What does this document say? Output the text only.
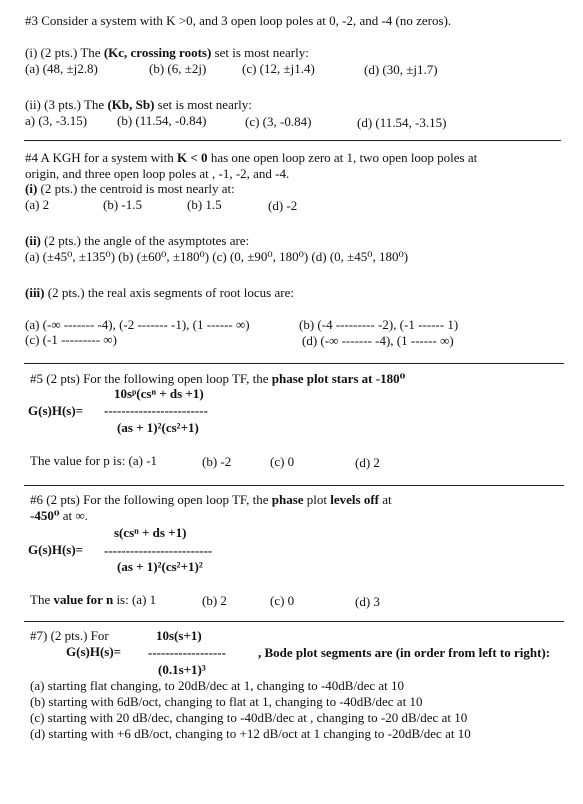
#3 Consider a system with K >0, and 3 open loop poles at 0, -2, and -4 (no zeros).
(i) (2 pts.) The (Kc, crossing roots) set is most nearly:
(a) (48, ±j2.8)	(b) (6, ±2j)	(c) (12, ±j1.4)	(d) (30, ±j1.7)
(ii) (3 pts.) The (Kb, Sb) set is most nearly:
a) (3, -3.15) (b) (11.54, -0.84)	(c) (3, -0.84)	(d) (11.54, -3.15)
#4 A KGH for a system with K < 0 has one open loop zero at 1, two open loop poles at
origin, and three open loop poles at , -1, -2, and -4.
(i) (2 pts.) the centroid is most nearly at:
(a) 2	(b) -1.5	(b) 1.5	(d) -2
(ii) (2 pts.) the angle of the asymptotes are:
(a) (±45⁰, ±135⁰) (b) (±60⁰, ±180⁰) (c) (0, ±90⁰, 180⁰) (d) (0, ±45⁰, 180⁰)
(iii) (2 pts.) the real axis segments of root locus are:
(a) (-∞ ------- -4), (-2 ------- -1), (1 ------ ∞)	(b) (-4 --------- -2), (-1 ------ 1)
(c) (-1 --------- ∞)	(d) (-∞ ------- -4), (1 ------ ∞)
#5 (2 pts) For the following open loop TF, the phase plot stars at -180⁰
10sᵖ(csⁿ + ds +1)
G(s)H(s)= ------------------------
(as + 1)²(cs²+1)
The value for p is: (a) -1	(b) -2	(c) 0	(d) 2
#6 (2 pts) For the following open loop TF, the phase plot levels off at
-450⁰ at ∞.
s(csⁿ + ds +1)
G(s)H(s)= -------------------------
(as + 1)²(cs²+1)²
The value for n is: (a) 1	(b) 2	(c) 0	(d) 3
#7) (2 pts.) For	10s(s+1)
G(s)H(s)= ------------------ , Bode plot segments are (in order from left to right):
(0.1s+1)³
(a) starting flat changing, to 20dB/dec at 1, changing to -40dB/dec at 10
(b) starting with 6dB/oct, changing to flat at 1, changing to -40dB/dec at 10
(c) starting with 20 dB/dec, changing to -40dB/dec at , changing to -20 dB/dec at 10
(d) starting with +6 dB/oct, changing to +12 dB/oct at 1 changing to -20dB/dec at 10
